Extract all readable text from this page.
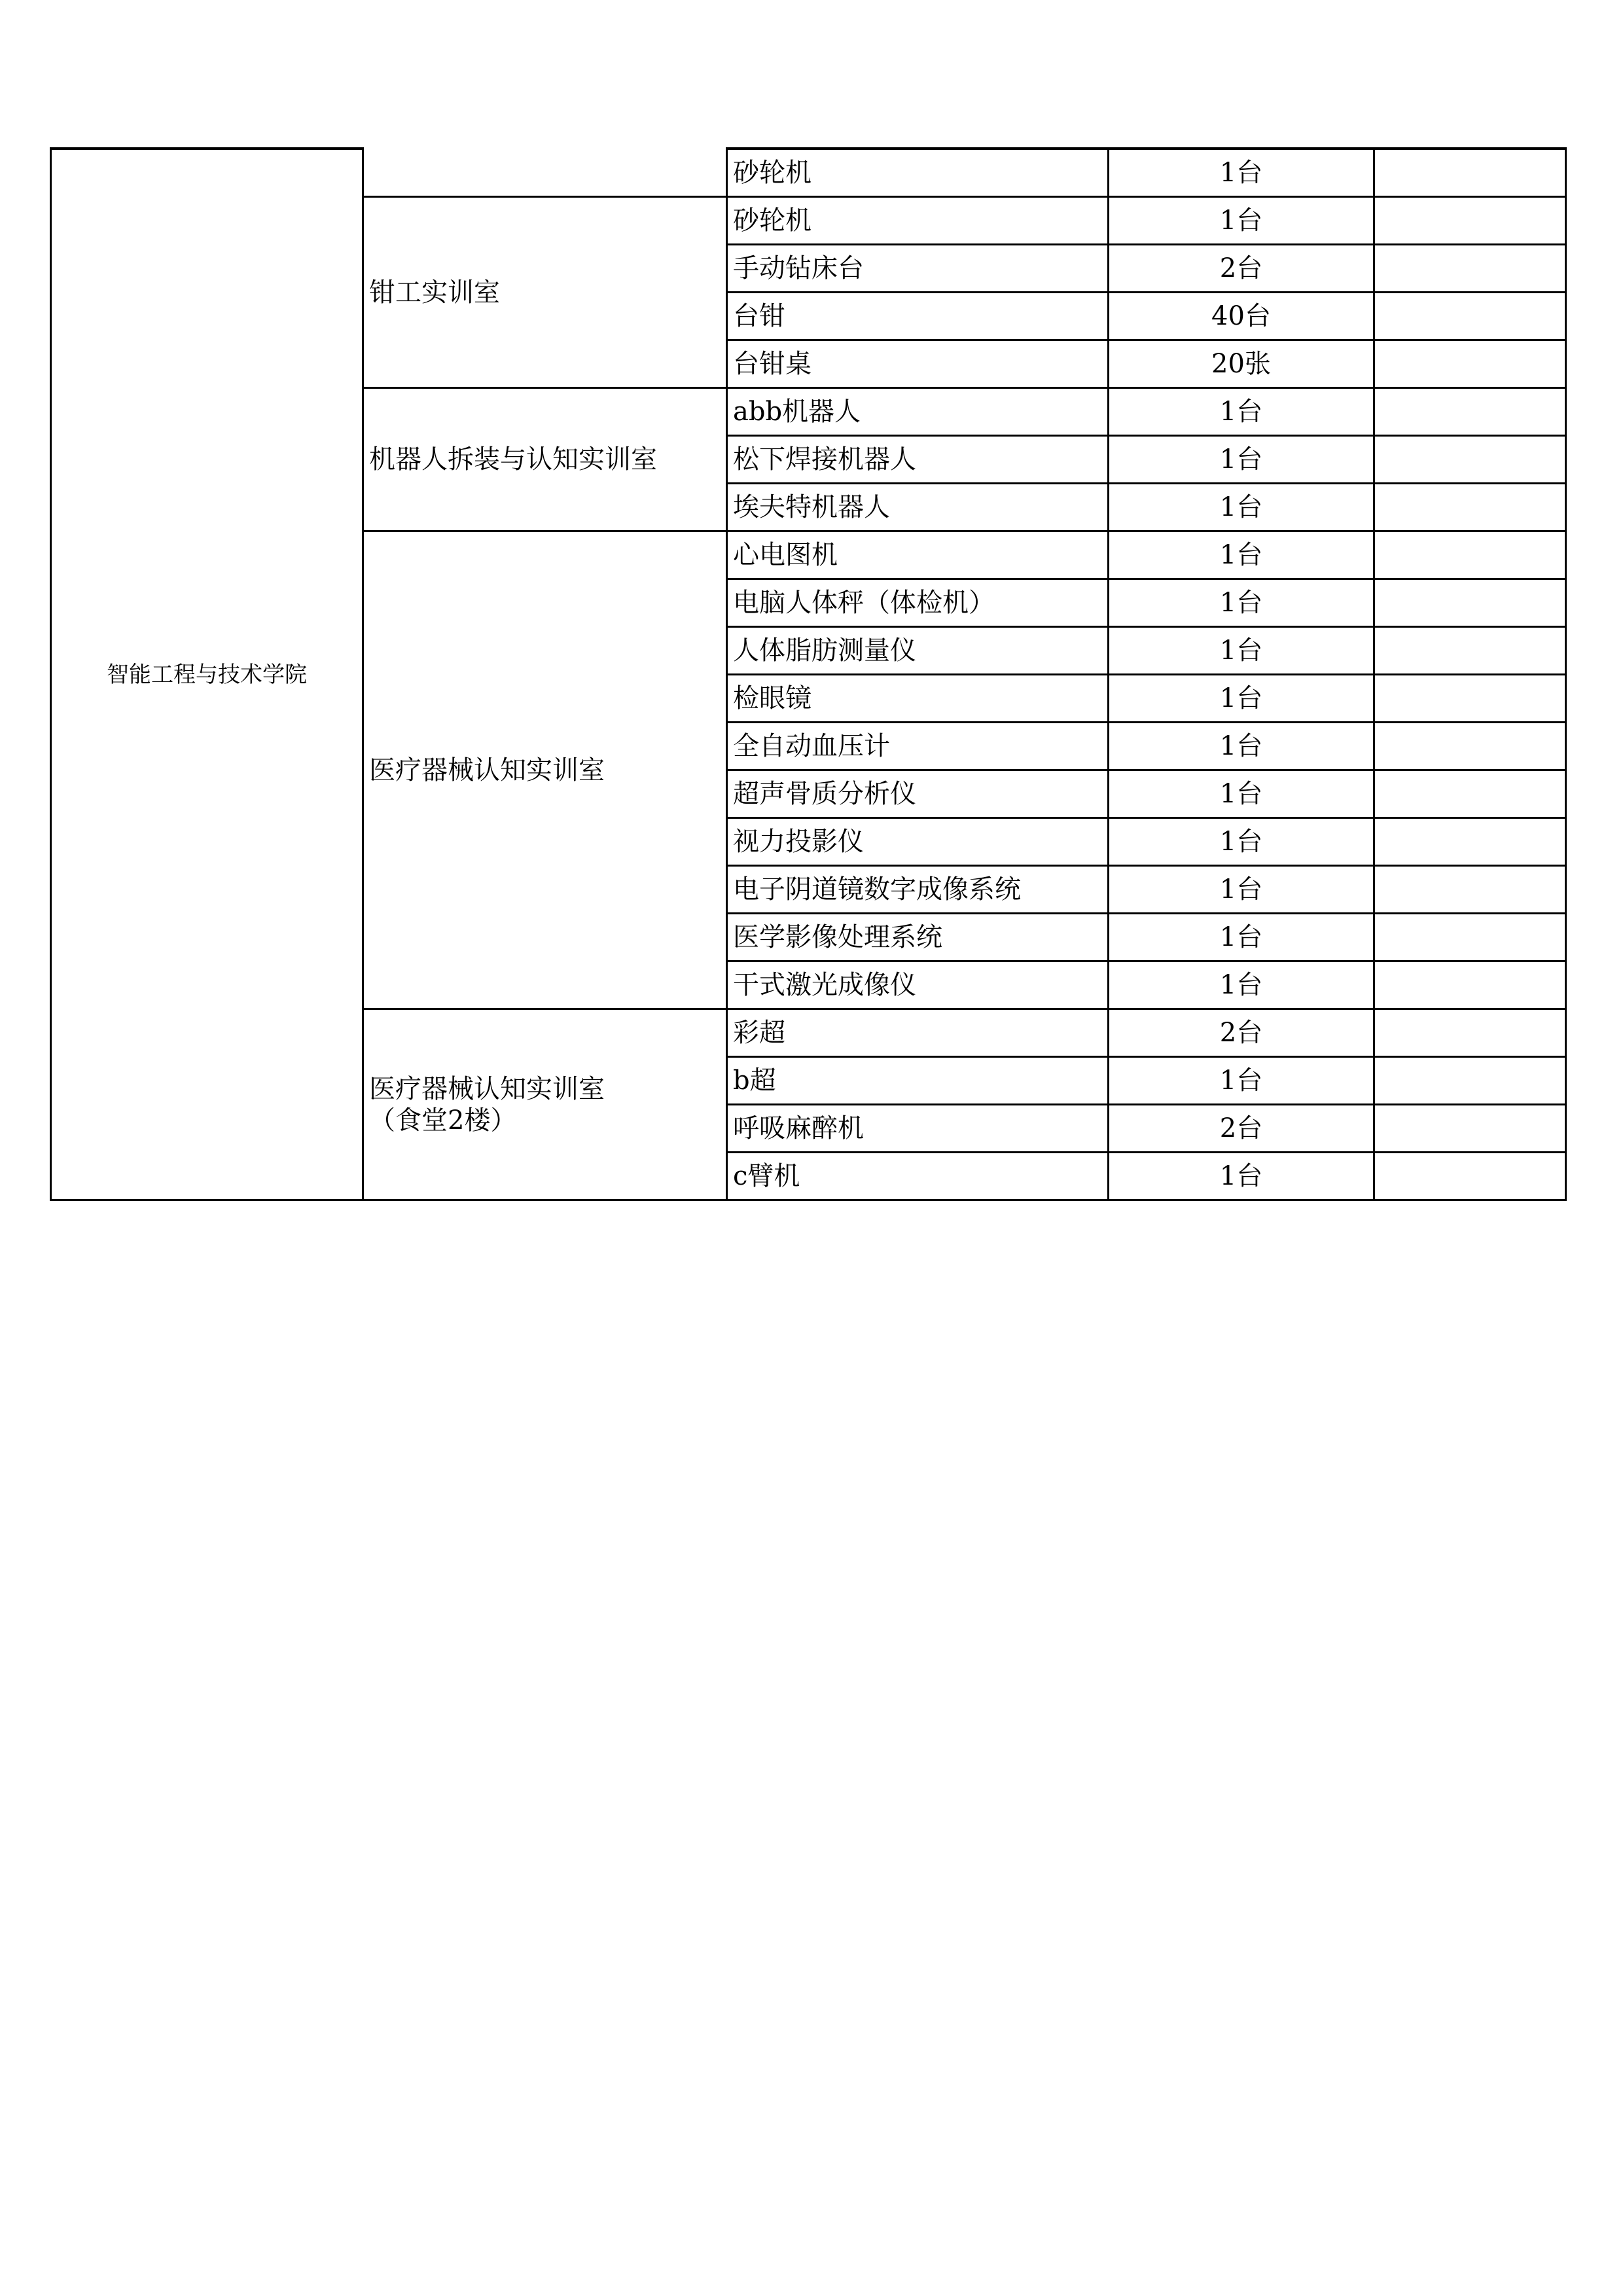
智能工程与技术学院		砂轮机	1台	

	钳工实训室	砂轮机	1台	
		手动钻床台	2台	
		台钳	40台	
		台钳桌	20张	

	机器人拆装与认知实训室	abb机器人	1台	
		松下焊接机器人	1台	
		埃夫特机器人	1台	

	医疗器械认知实训室	心电图机	1台	
		电脑人体秤（体检机）	1台	
		人体脂肪测量仪	1台	
		检眼镜	1台	
		全自动血压计	1台	
		超声骨质分析仪	1台	
		视力投影仪	1台	
		电子阴道镜数字成像系统	1台	
		医学影像处理系统	1台	
		干式激光成像仪	1台	

	医疗器械认知实训室
（食堂2楼）	彩超	2台	
		b超	1台	
		呼吸麻醉机	2台	
		c臂机	1台	
